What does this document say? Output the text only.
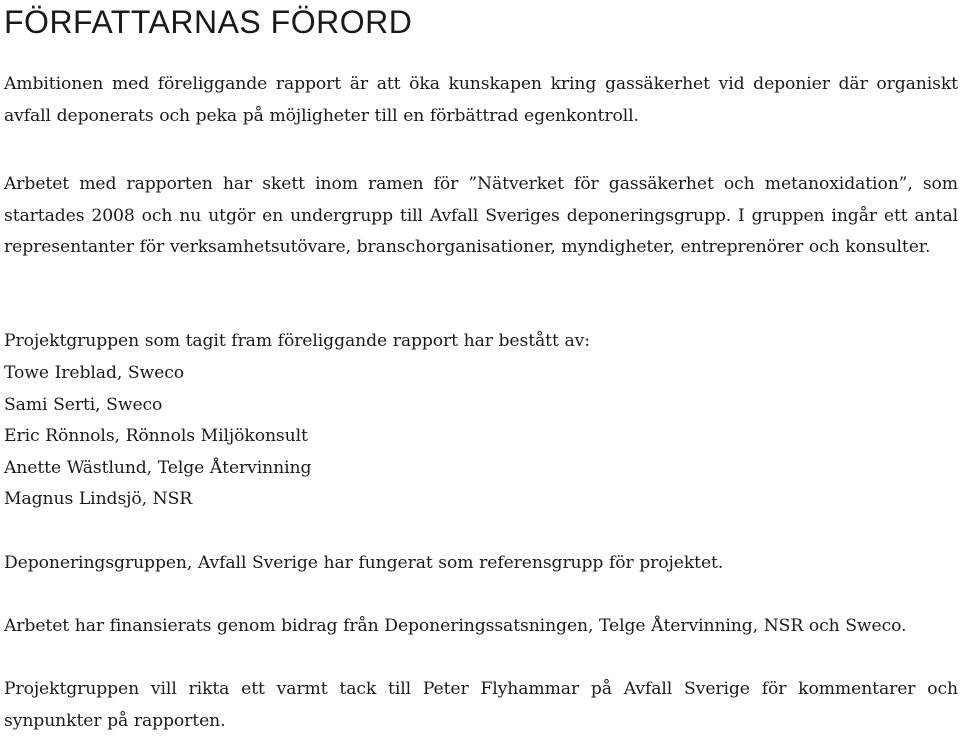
FÖRFATTARNAS FÖRORD

Ambitionen med föreliggande rapport är att öka kunskapen kring gassäkerhet vid deponier där organiskt avfall deponerats och peka på möjligheter till en förbättrad egenkontroll.

Arbetet med rapporten har skett inom ramen för ”Nätverket för gassäkerhet och metanoxidation”, som startades 2008 och nu utgör en undergrupp till Avfall Sveriges deponeringsgrupp. I gruppen ingår ett antal representanter för verksamhetsutövare, branschorganisationer, myndigheter, entreprenörer och konsulter.

Projektgruppen som tagit fram föreliggande rapport har bestått av:

Towe Ireblad, Sweco
Sami Serti, Sweco
Eric Rönnols, Rönnols Miljökonsult
Anette Wästlund, Telge Återvinning
Magnus Lindsjö, NSR

Deponeringsgruppen, Avfall Sverige har fungerat som referensgrupp för projektet.

Arbetet har finansierats genom bidrag från Deponeringssatsningen, Telge Återvinning, NSR och Sweco.

Projektgruppen vill rikta ett varmt tack till Peter Flyhammar på Avfall Sverige för kommentarer och synpunkter på rapporten.
